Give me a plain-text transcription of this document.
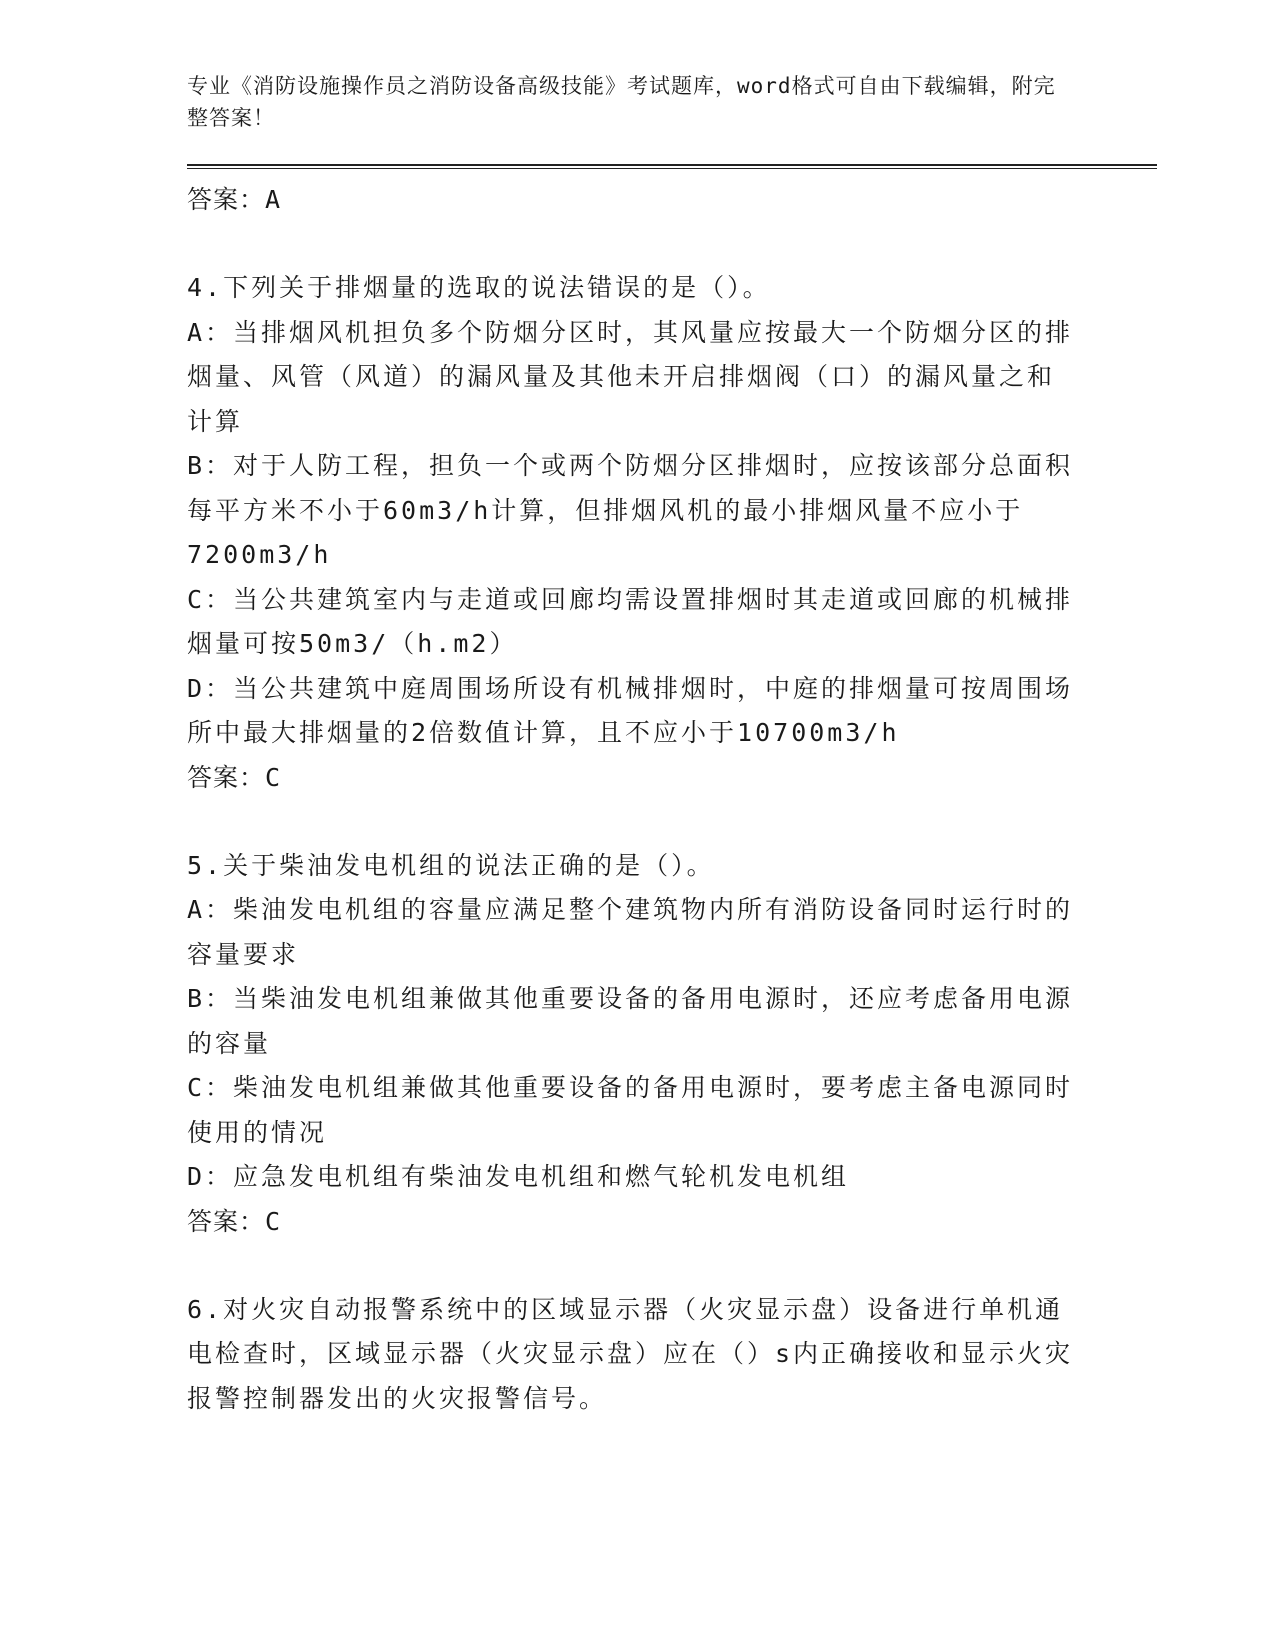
专业《消防设施操作员之消防设备高级技能》考试题库，word格式可自由下载编辑，附完整答案！

答案：A

4.下列关于排烟量的选取的说法错误的是（）。

A：当排烟风机担负多个防烟分区时，其风量应按最大一个防烟分区的排烟量、风管（风道）的漏风量及其他未开启排烟阀（口）的漏风量之和计算

B：对于人防工程，担负一个或两个防烟分区排烟时，应按该部分总面积每平方米不小于60m3/h计算，但排烟风机的最小排烟风量不应小于7200m3/h

C：当公共建筑室内与走道或回廊均需设置排烟时其走道或回廊的机械排烟量可按50m3/（h.m2）

D：当公共建筑中庭周围场所设有机械排烟时，中庭的排烟量可按周围场所中最大排烟量的2倍数值计算，且不应小于10700m3/h

答案：C

5.关于柴油发电机组的说法正确的是（）。

A：柴油发电机组的容量应满足整个建筑物内所有消防设备同时运行时的容量要求

B：当柴油发电机组兼做其他重要设备的备用电源时，还应考虑备用电源的容量

C：柴油发电机组兼做其他重要设备的备用电源时，要考虑主备电源同时使用的情况

D：应急发电机组有柴油发电机组和燃气轮机发电机组

答案：C

6.对火灾自动报警系统中的区域显示器（火灾显示盘）设备进行单机通电检查时，区域显示器（火灾显示盘）应在（）s内正确接收和显示火灾报警控制器发出的火灾报警信号。
